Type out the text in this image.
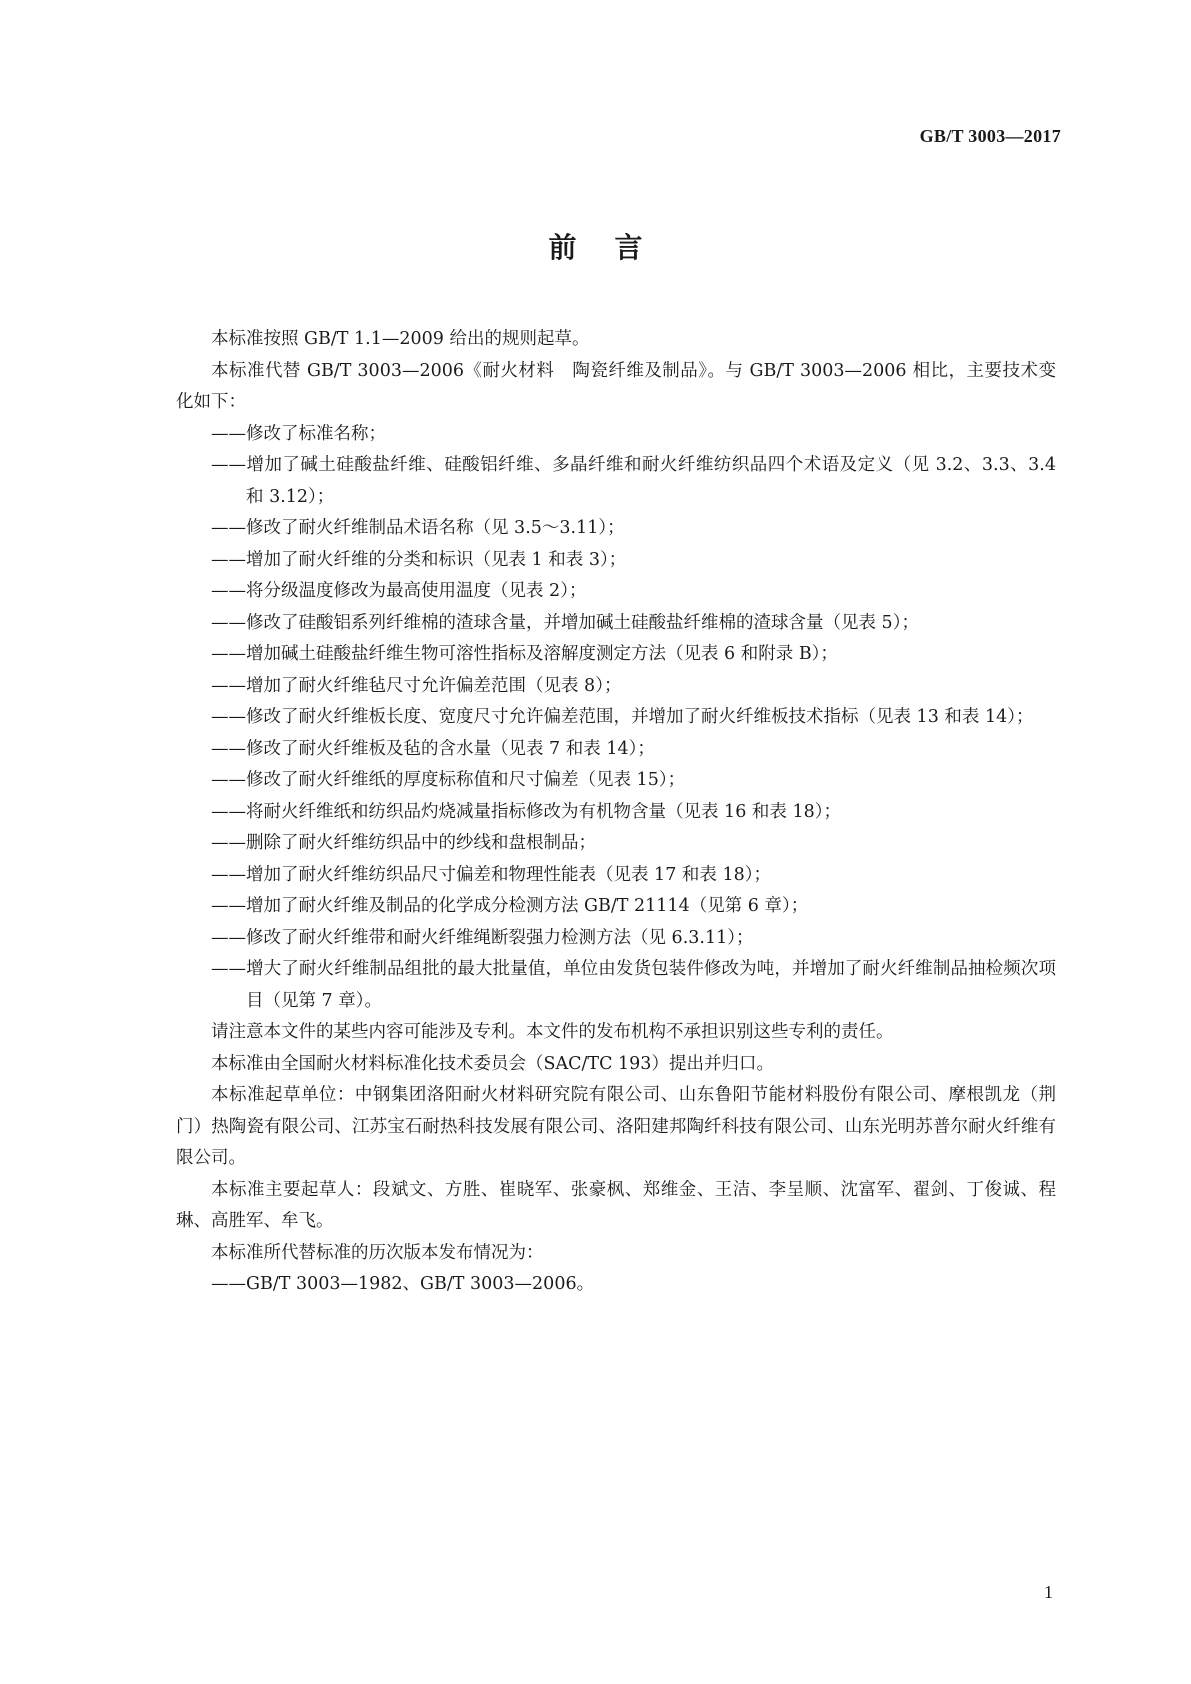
GB/T 3003—2017
前言

本标准按照 GB/T 1.1—2009 给出的规则起草。

本标准代替 GB/T 3003—2006《耐火材料　陶瓷纤维及制品》。与 GB/T 3003—2006 相比，主要技术变化如下：

——修改了标准名称；

——增加了碱土硅酸盐纤维、硅酸铝纤维、多晶纤维和耐火纤维纺织品四个术语及定义（见 3.2、3.3、3.4 和 3.12）；

——修改了耐火纤维制品术语名称（见 3.5～3.11）；

——增加了耐火纤维的分类和标识（见表 1 和表 3）；

——将分级温度修改为最高使用温度（见表 2）；

——修改了硅酸铝系列纤维棉的渣球含量，并增加碱土硅酸盐纤维棉的渣球含量（见表 5）；

——增加碱土硅酸盐纤维生物可溶性指标及溶解度测定方法（见表 6 和附录 B）；

——增加了耐火纤维毡尺寸允许偏差范围（见表 8）；

——修改了耐火纤维板长度、宽度尺寸允许偏差范围，并增加了耐火纤维板技术指标（见表 13 和表 14）；

——修改了耐火纤维板及毡的含水量（见表 7 和表 14）；

——修改了耐火纤维纸的厚度标称值和尺寸偏差（见表 15）；

——将耐火纤维纸和纺织品灼烧减量指标修改为有机物含量（见表 16 和表 18）；

——删除了耐火纤维纺织品中的纱线和盘根制品；

——增加了耐火纤维纺织品尺寸偏差和物理性能表（见表 17 和表 18）；

——增加了耐火纤维及制品的化学成分检测方法 GB/T 21114（见第 6 章）；

——修改了耐火纤维带和耐火纤维绳断裂强力检测方法（见 6.3.11）；

——增大了耐火纤维制品组批的最大批量值，单位由发货包装件修改为吨，并增加了耐火纤维制品抽检频次项目（见第 7 章）。

请注意本文件的某些内容可能涉及专利。本文件的发布机构不承担识别这些专利的责任。

本标准由全国耐火材料标准化技术委员会（SAC/TC 193）提出并归口。

本标准起草单位：中钢集团洛阳耐火材料研究院有限公司、山东鲁阳节能材料股份有限公司、摩根凯龙（荆门）热陶瓷有限公司、江苏宝石耐热科技发展有限公司、洛阳建邦陶纤科技有限公司、山东光明苏普尔耐火纤维有限公司。

本标准主要起草人：段斌文、方胜、崔晓军、张豪枫、郑维金、王洁、李呈顺、沈富军、翟剑、丁俊诚、程琳、高胜军、牟飞。

本标准所代替标准的历次版本发布情况为：

——GB/T 3003—1982、GB/T 3003—2006。

1
